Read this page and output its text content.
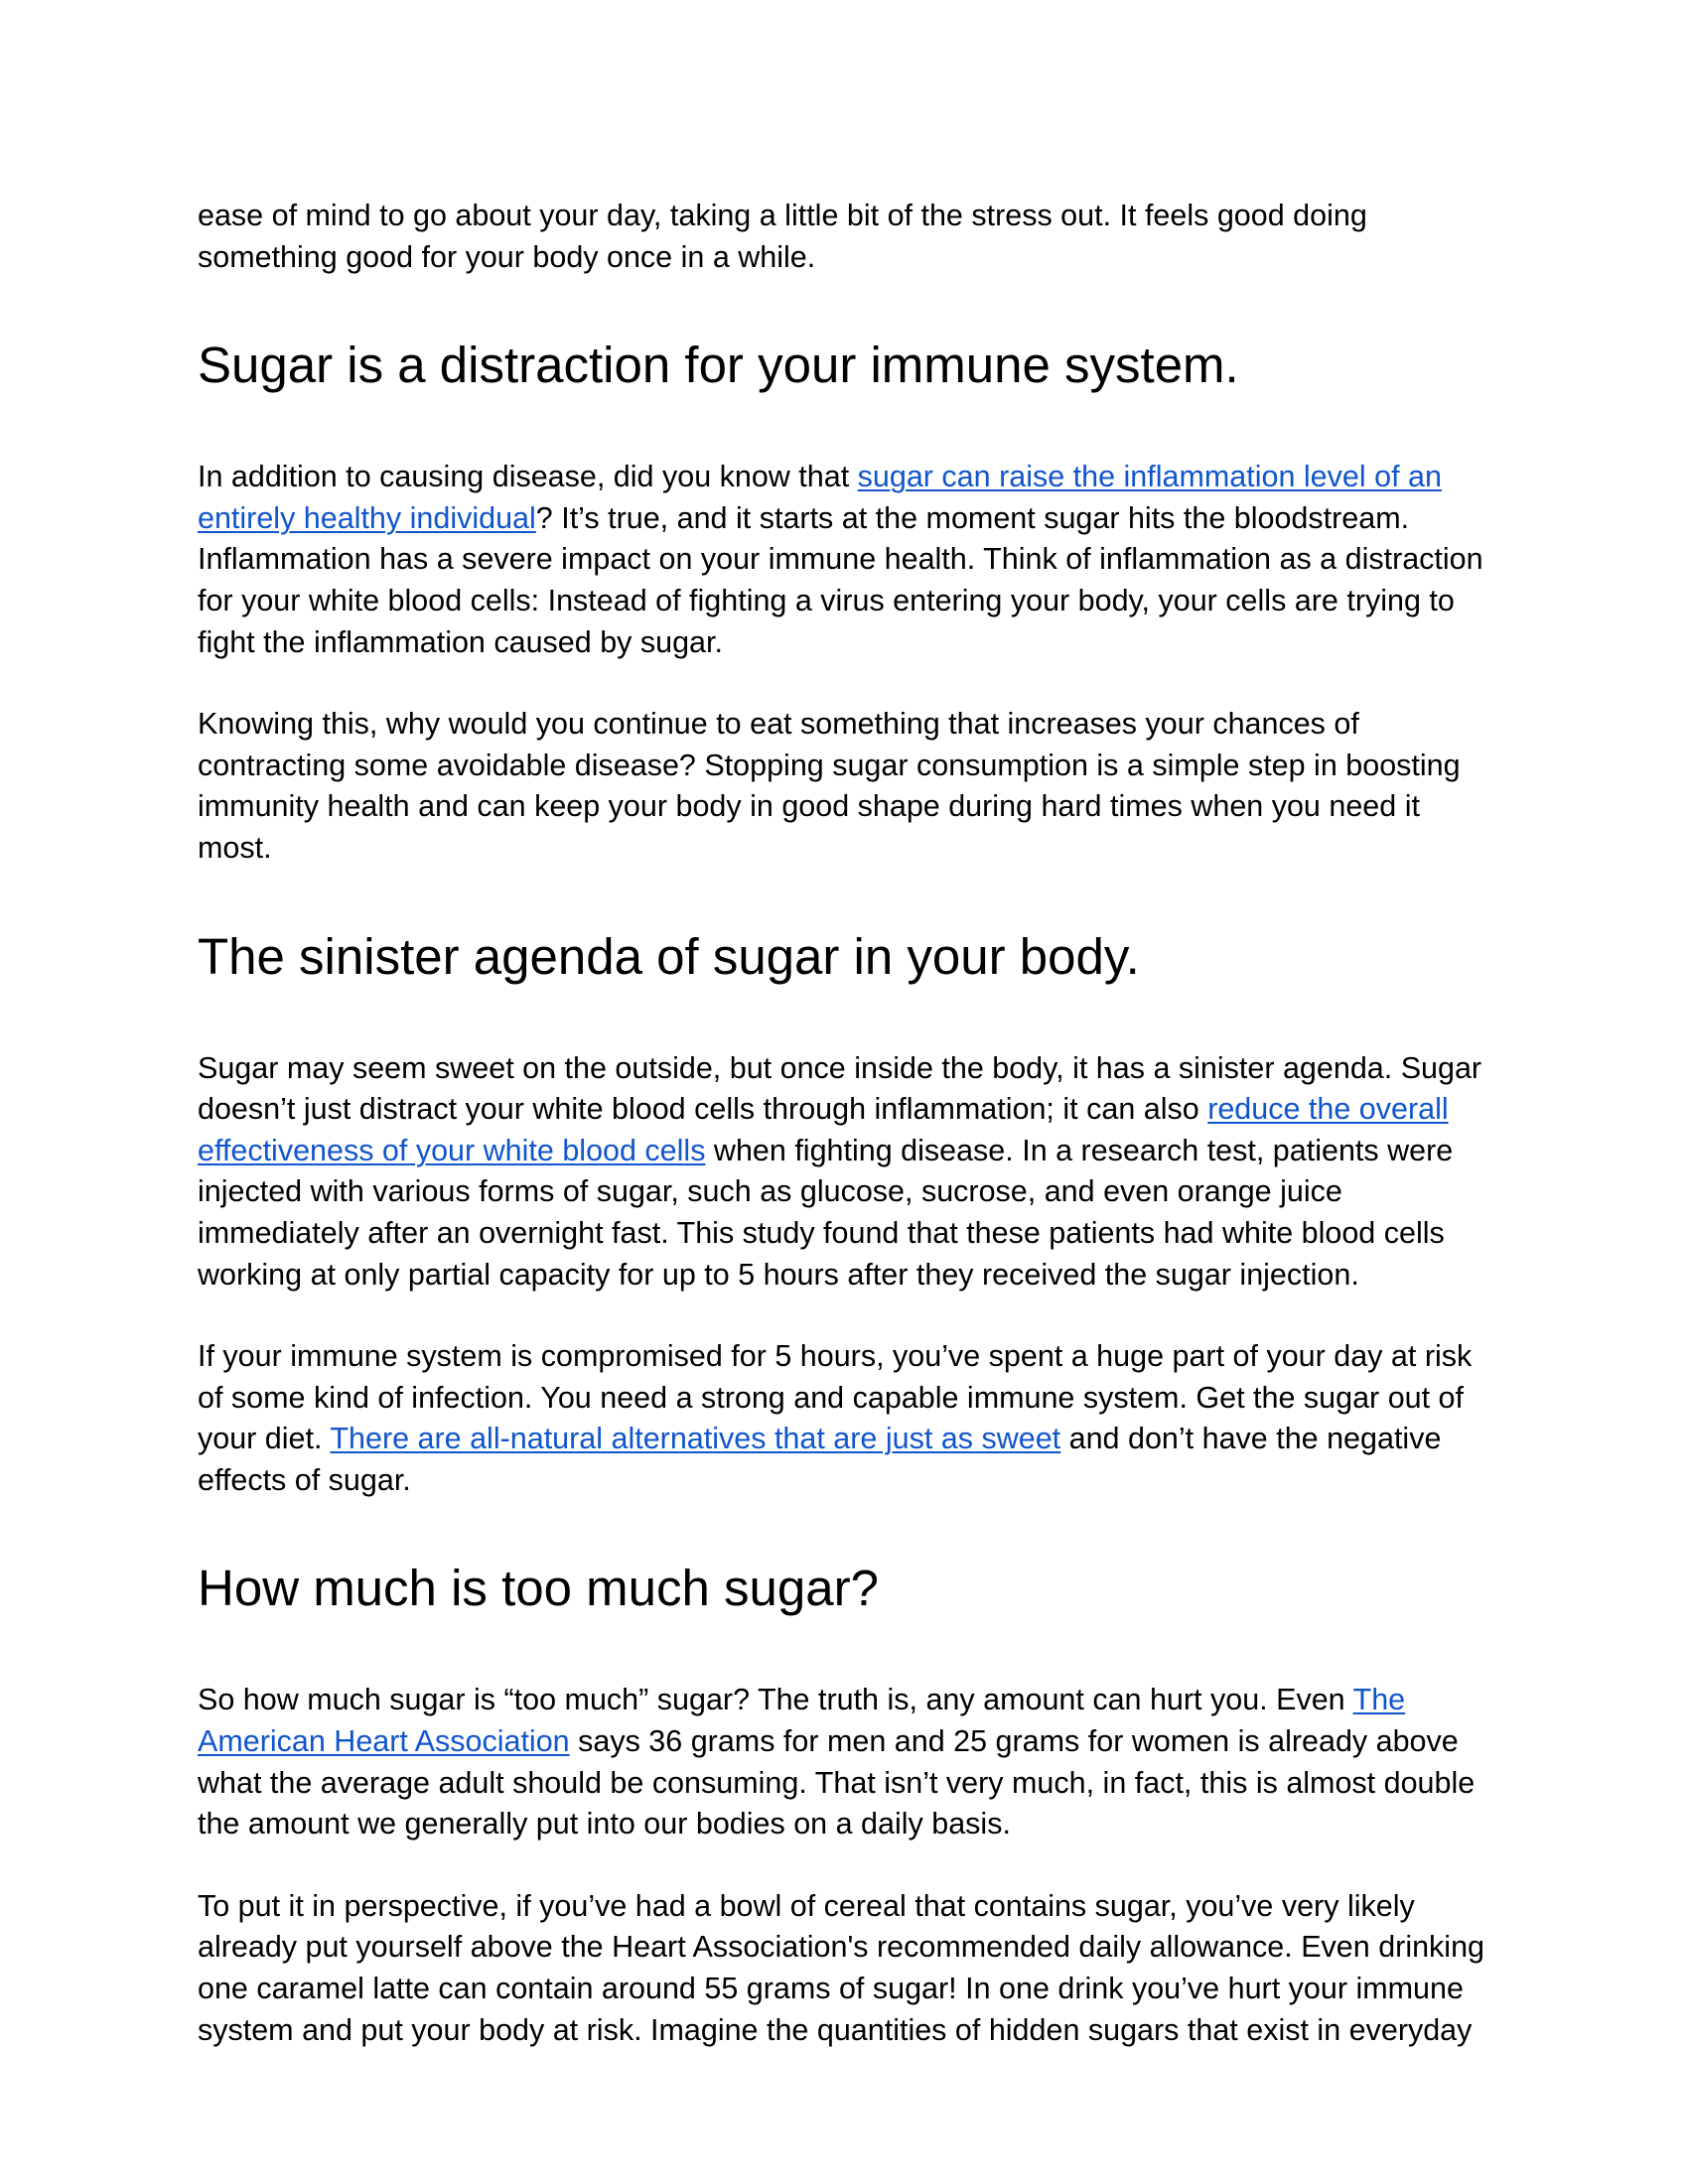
ease of mind to go about your day, taking a little bit of the stress out. It feels good doing something good for your body once in a while.

Sugar is a distraction for your immune system.

In addition to causing disease, did you know that sugar can raise the inflammation level of an entirely healthy individual? It’s true, and it starts at the moment sugar hits the bloodstream. Inflammation has a severe impact on your immune health. Think of inflammation as a distraction for your white blood cells: Instead of fighting a virus entering your body, your cells are trying to fight the inflammation caused by sugar.

Knowing this, why would you continue to eat something that increases your chances of contracting some avoidable disease? Stopping sugar consumption is a simple step in boosting immunity health and can keep your body in good shape during hard times when you need it most.

The sinister agenda of sugar in your body.

Sugar may seem sweet on the outside, but once inside the body, it has a sinister agenda. Sugar doesn’t just distract your white blood cells through inflammation; it can also reduce the overall effectiveness of your white blood cells when fighting disease. In a research test, patients were injected with various forms of sugar, such as glucose, sucrose, and even orange juice immediately after an overnight fast. This study found that these patients had white blood cells working at only partial capacity for up to 5 hours after they received the sugar injection.

If your immune system is compromised for 5 hours, you’ve spent a huge part of your day at risk of some kind of infection. You need a strong and capable immune system. Get the sugar out of your diet. There are all-natural alternatives that are just as sweet and don’t have the negative effects of sugar.

How much is too much sugar?

So how much sugar is “too much” sugar? The truth is, any amount can hurt you. Even The American Heart Association says 36 grams for men and 25 grams for women is already above what the average adult should be consuming. That isn’t very much, in fact, this is almost double the amount we generally put into our bodies on a daily basis.

To put it in perspective, if you’ve had a bowl of cereal that contains sugar, you’ve very likely already put yourself above the Heart Association's recommended daily allowance. Even drinking one caramel latte can contain around 55 grams of sugar! In one drink you’ve hurt your immune system and put your body at risk. Imagine the quantities of hidden sugars that exist in everyday
